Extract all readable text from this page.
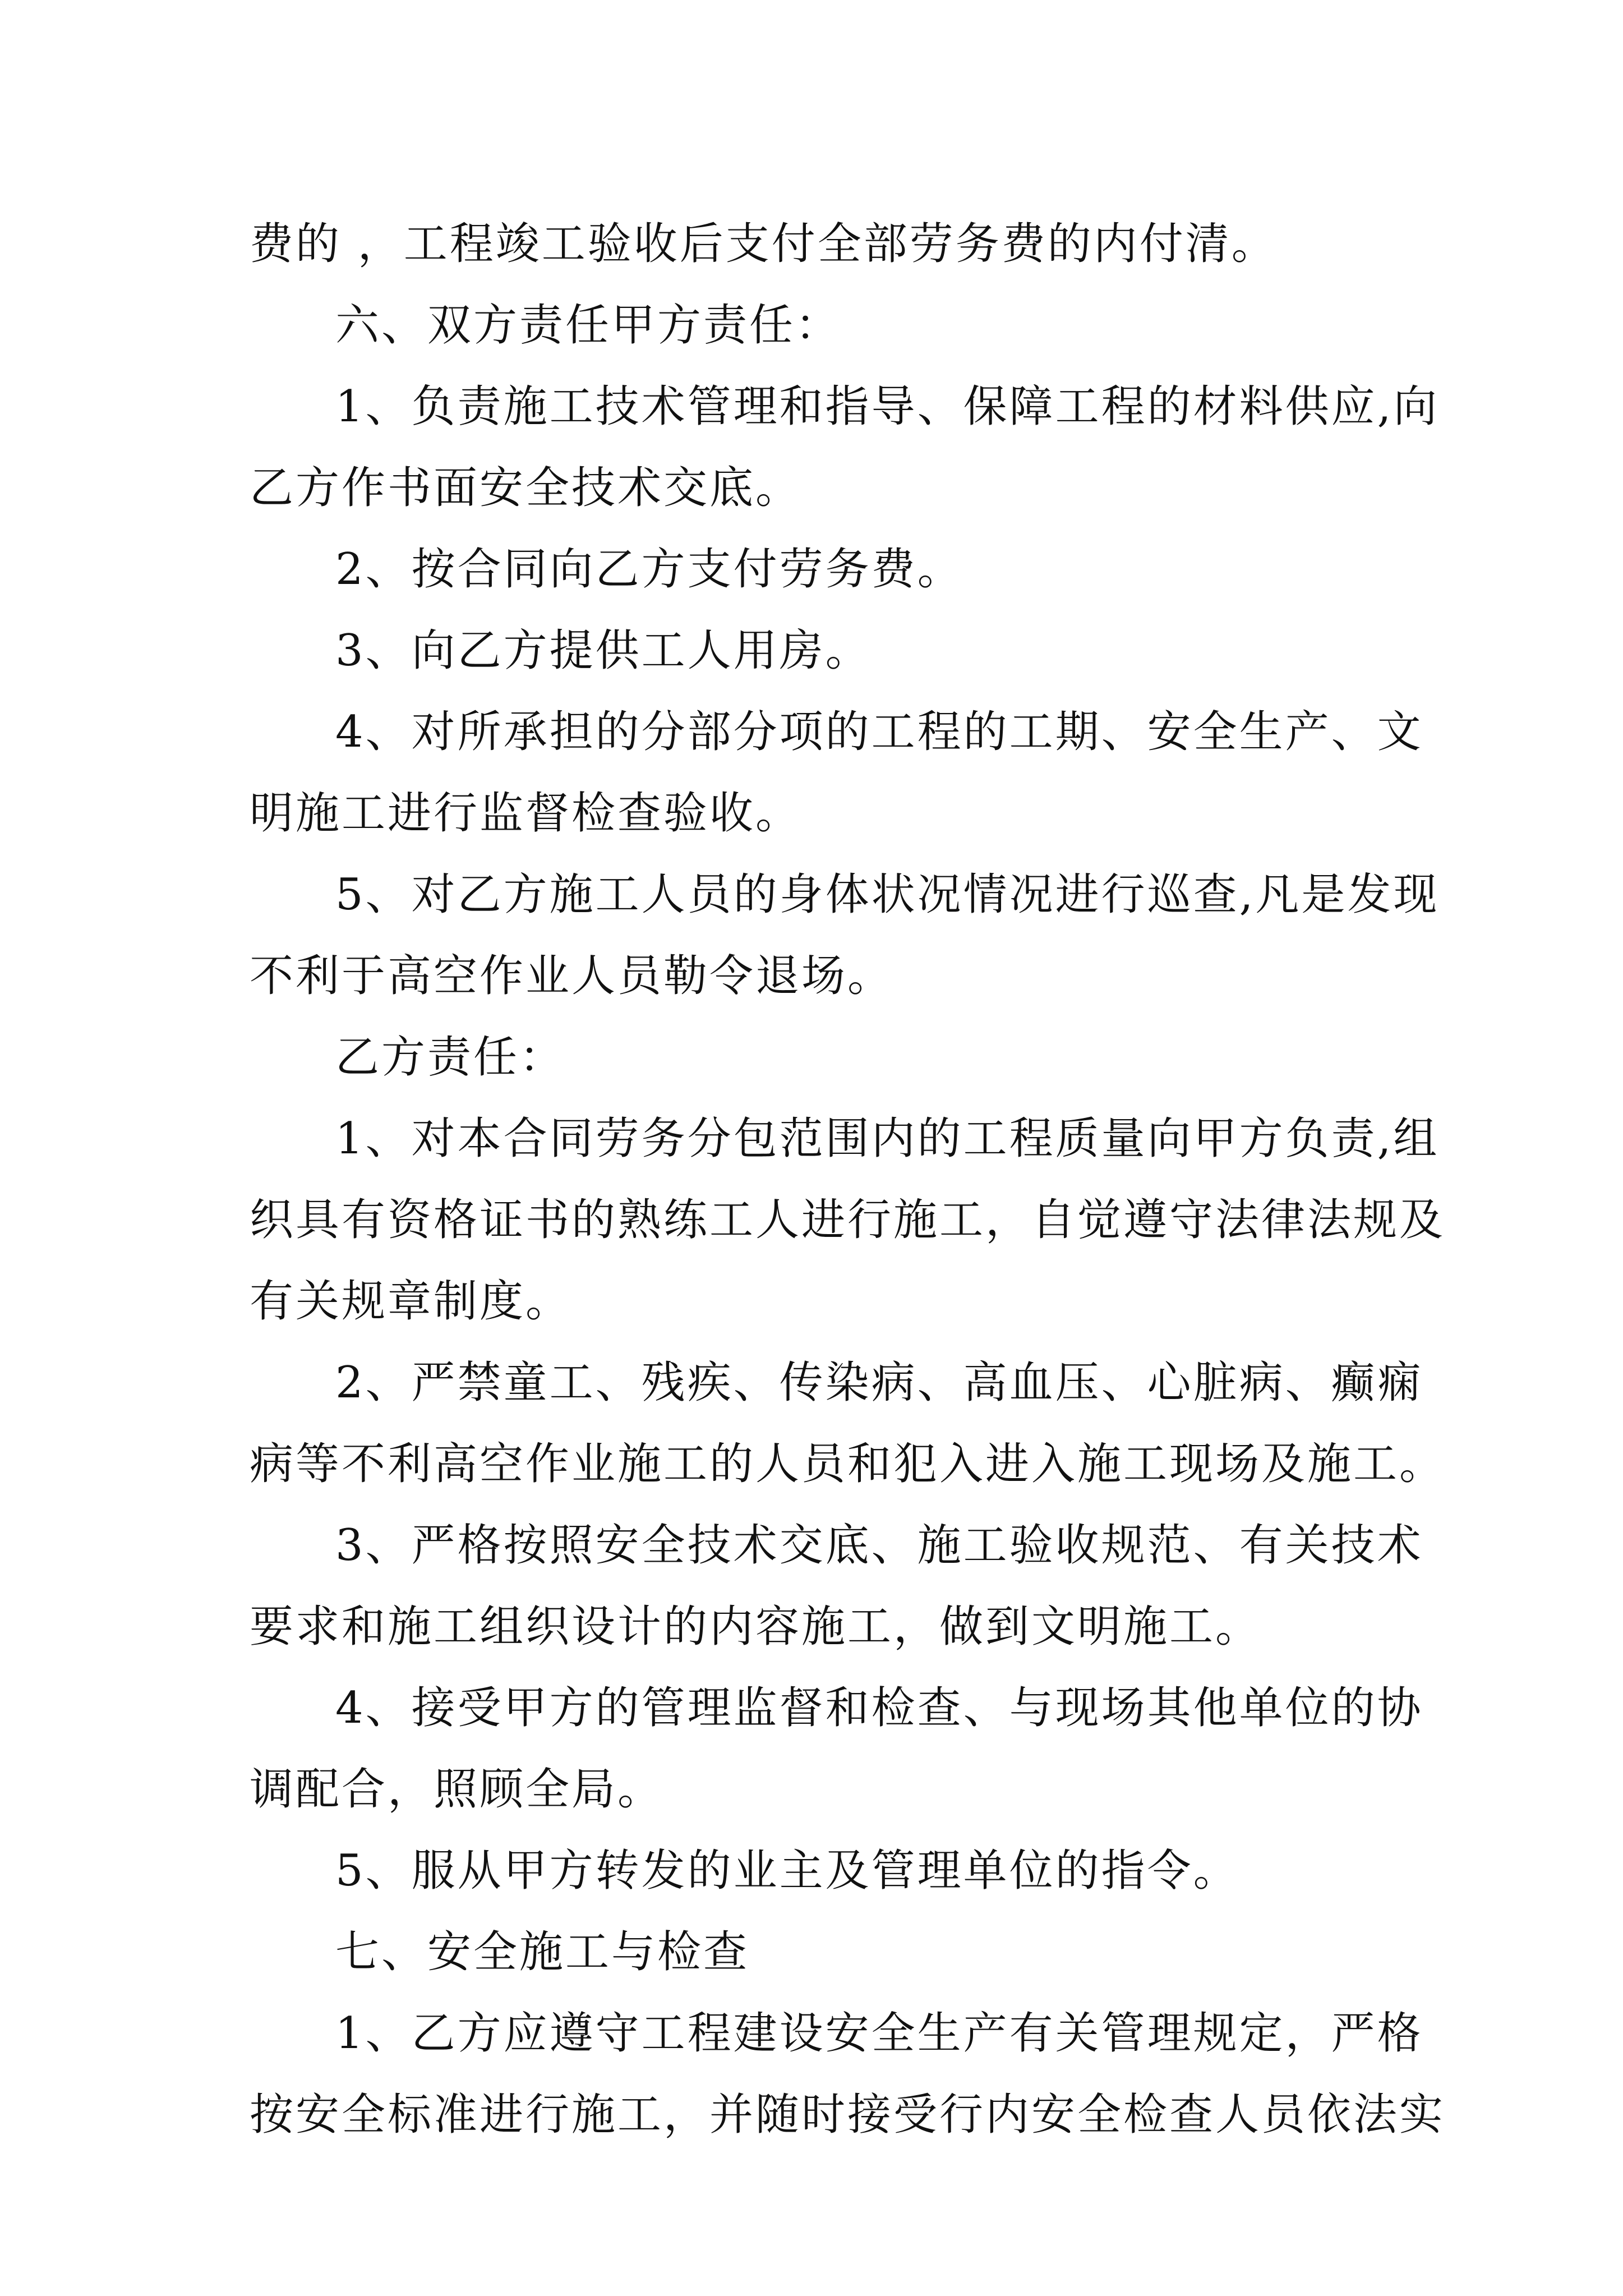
费的 ，工程竣工验收后支付全部劳务费的内付清。
六、双方责任甲方责任：
1、负责施工技术管理和指导、保障工程的材料供应,向
乙方作书面安全技术交底。
2、按合同向乙方支付劳务费。
3、向乙方提供工人用房。
4、对所承担的分部分项的工程的工期、安全生产、文
明施工进行监督检查验收。
5、对乙方施工人员的身体状况情况进行巡查,凡是发现
不利于高空作业人员勒令退场。
乙方责任：
1、对本合同劳务分包范围内的工程质量向甲方负责,组
织具有资格证书的熟练工人进行施工，自觉遵守法律法规及
有关规章制度。
2、严禁童工、残疾、传染病、高血压、心脏病、癫痫
病等不利高空作业施工的人员和犯入进入施工现场及施工。
3、严格按照安全技术交底、施工验收规范、有关技术
要求和施工组织设计的内容施工，做到文明施工。
4、接受甲方的管理监督和检查、与现场其他单位的协
调配合，照顾全局。
5、服从甲方转发的业主及管理单位的指令。
七、安全施工与检查
1、乙方应遵守工程建设安全生产有关管理规定，严格
按安全标准进行施工，并随时接受行内安全检查人员依法实
